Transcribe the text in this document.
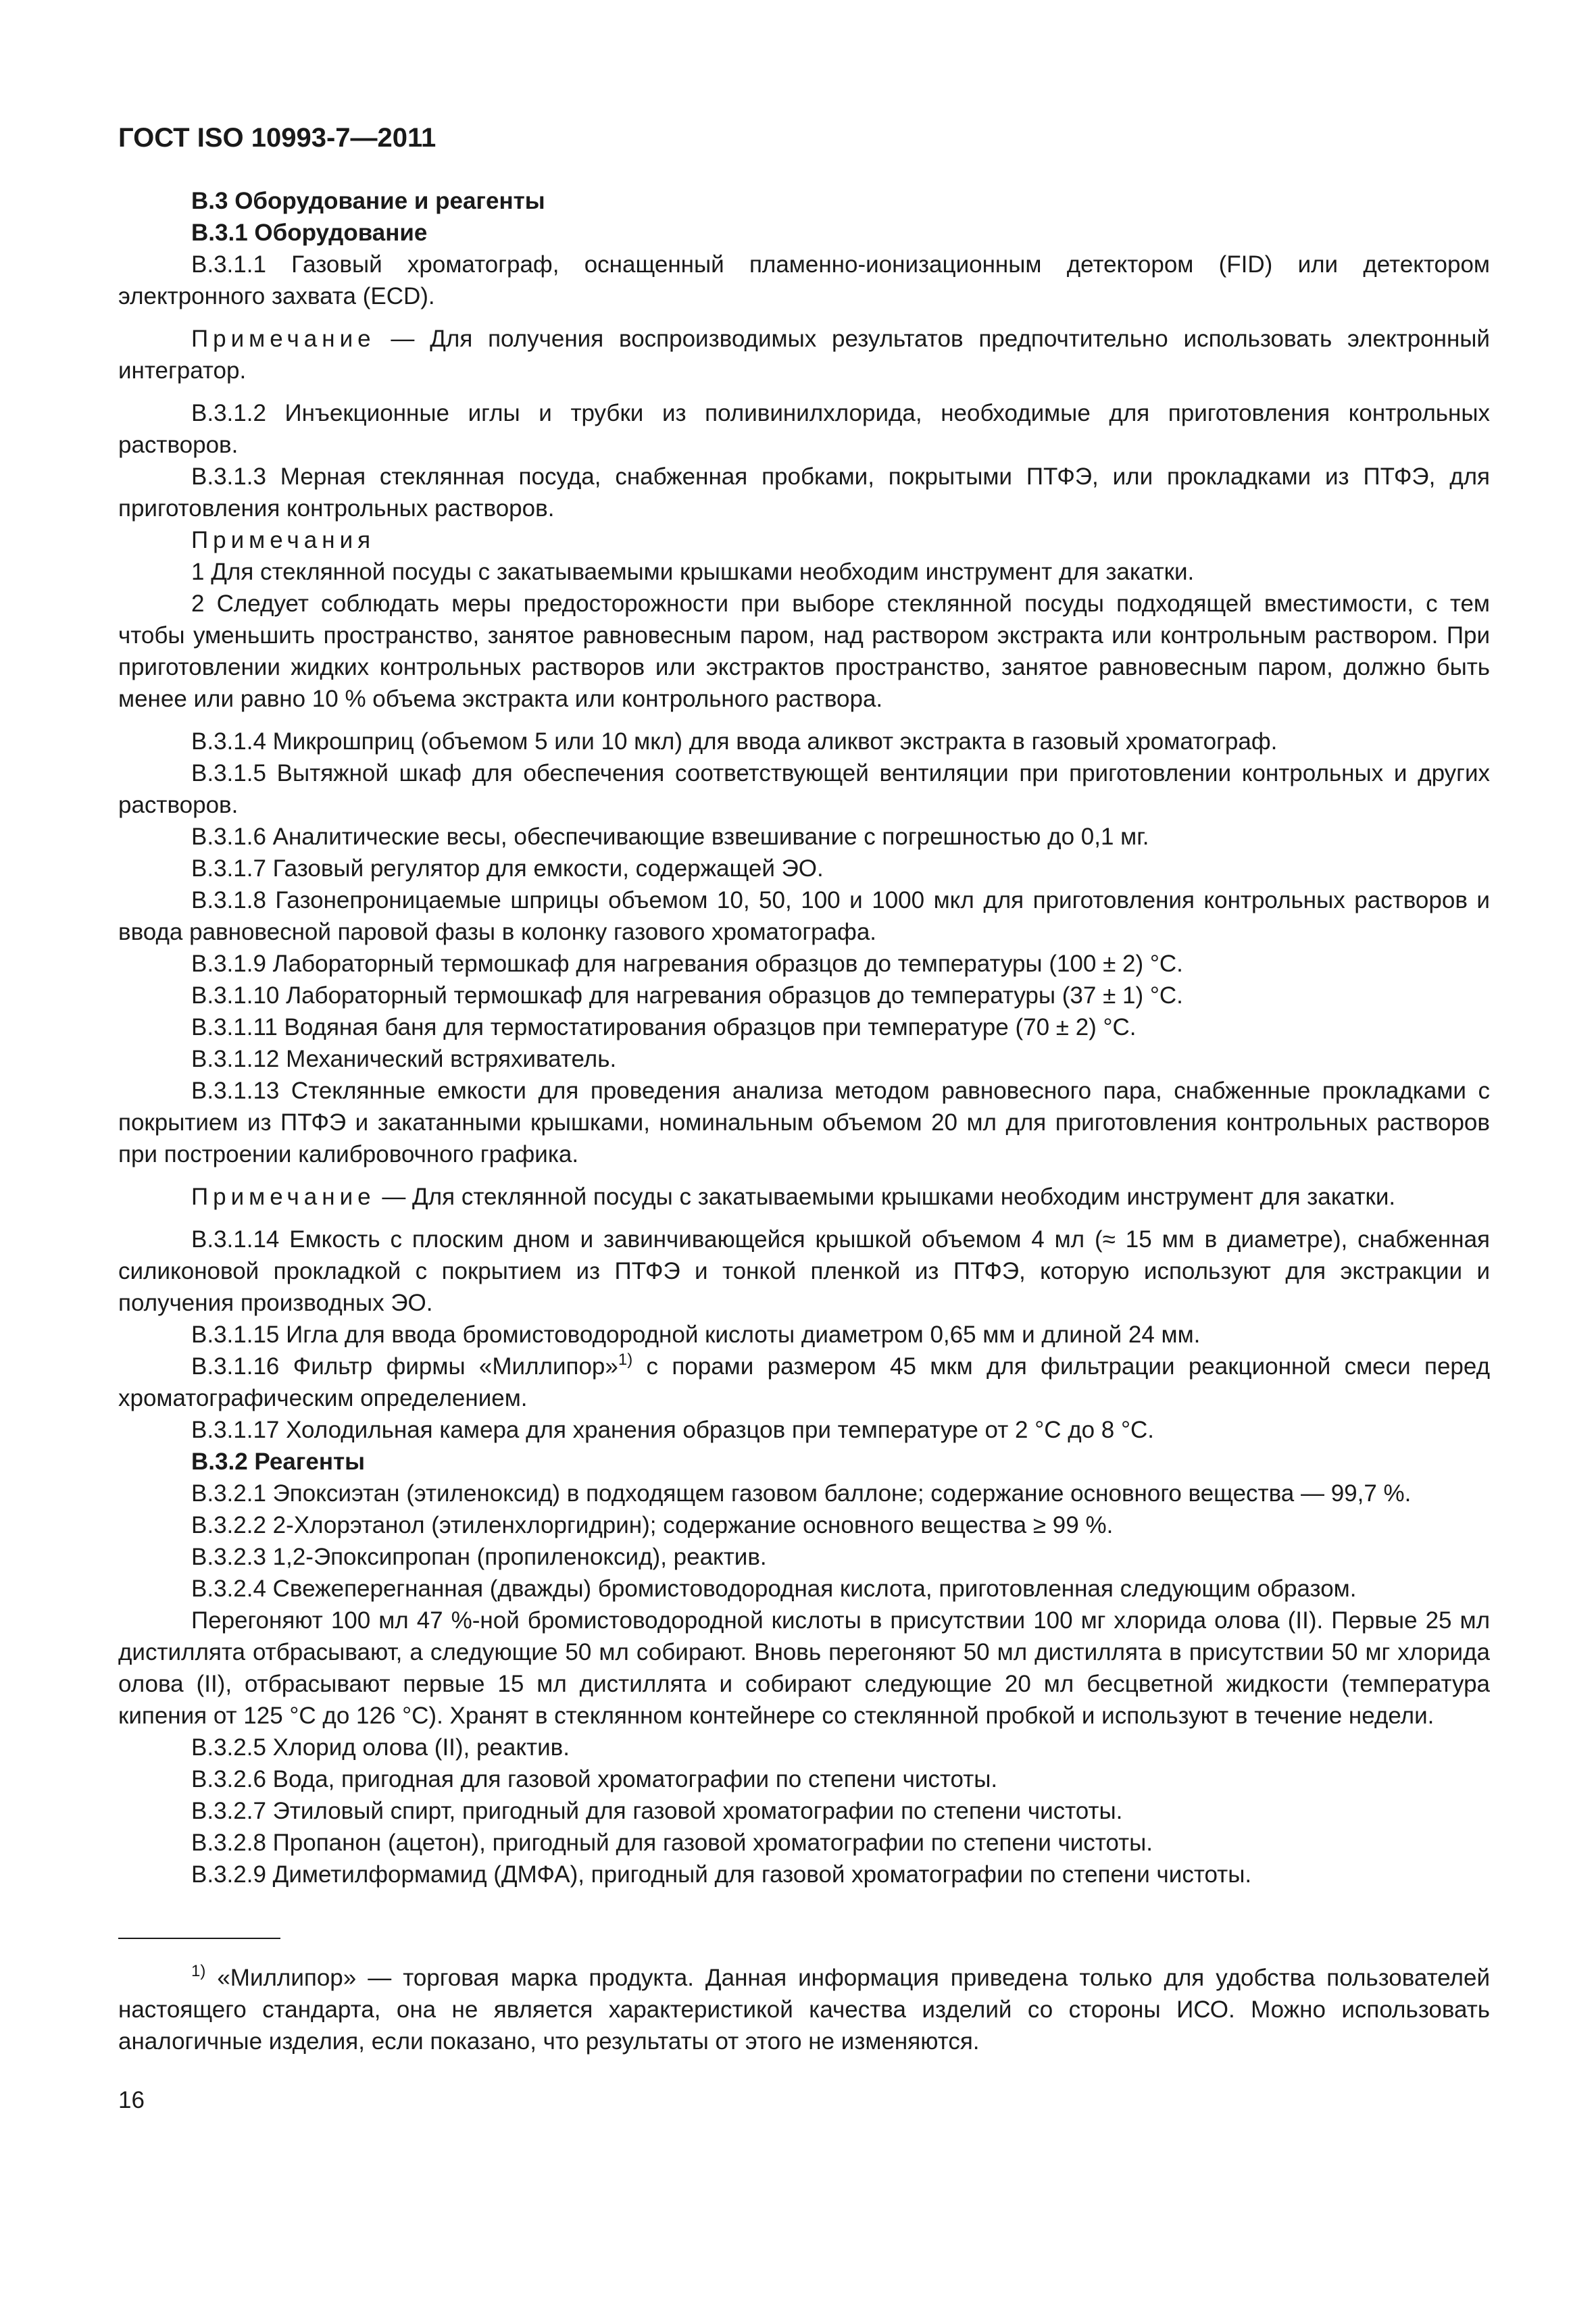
ГОСТ ISO 10993-7—2011

В.3 Оборудование и реагенты

В.3.1 Оборудование

В.3.1.1 Газовый хроматограф, оснащенный пламенно-ионизационным детектором (FID) или детектором электронного захвата (ECD).

Примечание — Для получения воспроизводимых результатов предпочтительно использовать электронный интегратор.

В.3.1.2 Инъекционные иглы и трубки из поливинилхлорида, необходимые для приготовления контрольных растворов.

В.3.1.3 Мерная стеклянная посуда, снабженная пробками, покрытыми ПТФЭ, или прокладками из ПТФЭ, для приготовления контрольных растворов.

Примечания

1 Для стеклянной посуды с закатываемыми крышками необходим инструмент для закатки.

2 Следует соблюдать меры предосторожности при выборе стеклянной посуды подходящей вместимости, с тем чтобы уменьшить пространство, занятое равновесным паром, над раствором экстракта или контрольным раствором. При приготовлении жидких контрольных растворов или экстрактов пространство, занятое равновесным паром, должно быть менее или равно 10 % объема экстракта или контрольного раствора.

В.3.1.4 Микрошприц (объемом 5 или 10 мкл) для ввода аликвот экстракта в газовый хроматограф.

В.3.1.5 Вытяжной шкаф для обеспечения соответствующей вентиляции при приготовлении контрольных и других растворов.

В.3.1.6 Аналитические весы, обеспечивающие взвешивание с погрешностью до 0,1 мг.

В.3.1.7 Газовый регулятор для емкости, содержащей ЭО.

В.3.1.8 Газонепроницаемые шприцы объемом 10, 50, 100 и 1000 мкл для приготовления контрольных растворов и ввода равновесной паровой фазы в колонку газового хроматографа.

В.3.1.9 Лабораторный термошкаф для нагревания образцов до температуры (100 ± 2) °С.

В.3.1.10 Лабораторный термошкаф для нагревания образцов до температуры (37 ± 1) °С.

В.3.1.11 Водяная баня для термостатирования образцов при температуре (70 ± 2) °С.

В.3.1.12 Механический встряхиватель.

В.3.1.13 Стеклянные емкости для проведения анализа методом равновесного пара, снабженные прокладками с покрытием из ПТФЭ и закатанными крышками, номинальным объемом 20 мл для приготовления контрольных растворов при построении калибровочного графика.

Примечание — Для стеклянной посуды с закатываемыми крышками необходим инструмент для закатки.

В.3.1.14 Емкость с плоским дном и завинчивающейся крышкой объемом 4 мл (≈ 15 мм в диаметре), снабженная силиконовой прокладкой с покрытием из ПТФЭ и тонкой пленкой из ПТФЭ, которую используют для экстракции и получения производных ЭО.

В.3.1.15 Игла для ввода бромистоводородной кислоты диаметром 0,65 мм и длиной 24 мм.

В.3.1.16 Фильтр фирмы «Миллипор»$^{1)}$ с порами размером 45 мкм для фильтрации реакционной смеси перед хроматографическим определением.

В.3.1.17 Холодильная камера для хранения образцов при температуре от 2 °С до 8 °С.

В.3.2 Реагенты

В.3.2.1 Эпоксиэтан (этиленоксид) в подходящем газовом баллоне; содержание основного вещества — 99,7 %.

В.3.2.2 2-Хлорэтанол (этиленхлоргидрин); содержание основного вещества ≥ 99 %.

В.3.2.3 1,2-Эпоксипропан (пропиленоксид), реактив.

В.3.2.4 Свежеперегнанная (дважды) бромистоводородная кислота, приготовленная следующим образом.

Перегоняют 100 мл 47 %-ной бромистоводородной кислоты в присутствии 100 мг хлорида олова (II). Первые 25 мл дистиллята отбрасывают, а следующие 50 мл собирают. Вновь перегоняют 50 мл дистиллята в присутствии 50 мг хлорида олова (II), отбрасывают первые 15 мл дистиллята и собирают следующие 20 мл бесцветной жидкости (температура кипения от 125 °С до 126 °С). Хранят в стеклянном контейнере со стеклянной пробкой и используют в течение недели.

В.3.2.5 Хлорид олова (II), реактив.

В.3.2.6 Вода, пригодная для газовой хроматографии по степени чистоты.

В.3.2.7 Этиловый спирт, пригодный для газовой хроматографии по степени чистоты.

В.3.2.8 Пропанон (ацетон), пригодный для газовой хроматографии по степени чистоты.

В.3.2.9 Диметилформамид (ДМФА), пригодный для газовой хроматографии по степени чистоты.

$^{1)}$ «Миллипор» — торговая марка продукта. Данная информация приведена только для удобства пользователей настоящего стандарта, она не является характеристикой качества изделий со стороны ИСО. Можно использовать аналогичные изделия, если показано, что результаты от этого не изменяются.

16
